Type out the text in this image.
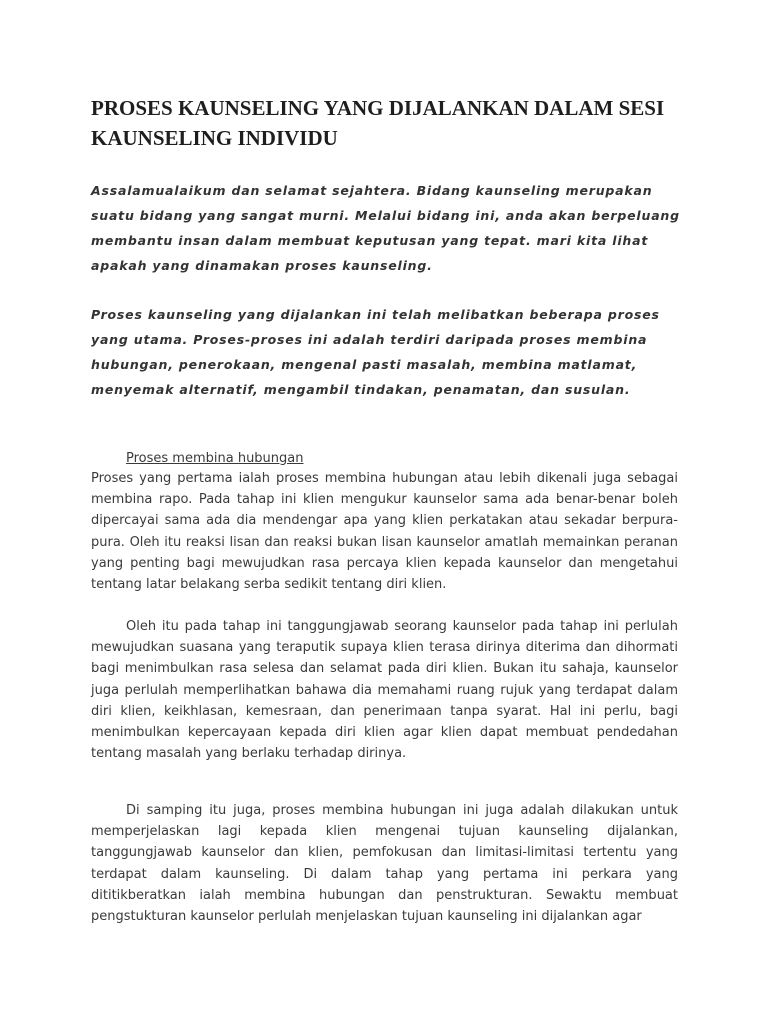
PROSES KAUNSELING YANG DIJALANKAN DALAM SESI KAUNSELING INDIVIDU

Assalamualaikum dan selamat sejahtera. Bidang kaunseling merupakan suatu bidang yang sangat murni. Melalui bidang ini, anda akan berpeluang membantu insan dalam membuat keputusan yang tepat. mari kita lihat apakah yang dinamakan proses kaunseling.

Proses kaunseling yang dijalankan ini telah melibatkan beberapa proses yang utama. Proses-proses ini adalah terdiri daripada proses membina hubungan, penerokaan, mengenal pasti masalah, membina matlamat, menyemak alternatif, mengambil tindakan, penamatan, dan susulan.

Proses membina hubungan

Proses yang pertama ialah proses membina hubungan atau lebih dikenali juga sebagai membina rapo. Pada tahap ini klien mengukur kaunselor sama ada benar-benar boleh dipercayai sama ada dia mendengar apa yang klien perkatakan atau sekadar berpura-pura. Oleh itu reaksi lisan dan reaksi bukan lisan kaunselor amatlah memainkan peranan yang penting bagi mewujudkan rasa percaya klien kepada kaunselor dan mengetahui tentang latar belakang serba sedikit tentang diri klien.

Oleh itu pada tahap ini tanggungjawab seorang kaunselor pada tahap ini perlulah mewujudkan suasana yang teraputik supaya klien terasa dirinya diterima dan dihormati bagi menimbulkan rasa selesa dan selamat pada diri klien. Bukan itu sahaja, kaunselor juga perlulah memperlihatkan bahawa dia memahami ruang rujuk yang terdapat dalam diri klien, keikhlasan, kemesraan, dan penerimaan tanpa syarat. Hal ini perlu, bagi menimbulkan kepercayaan kepada diri klien agar klien dapat membuat pendedahan tentang masalah yang berlaku terhadap dirinya.

Di samping itu juga, proses membina hubungan ini juga adalah dilakukan untuk memperjelaskan lagi kepada klien mengenai tujuan kaunseling dijalankan, tanggungjawab kaunselor dan klien, pemfokusan dan limitasi-limitasi tertentu yang terdapat dalam kaunseling. Di dalam tahap yang pertama ini perkara yang dititikberatkan ialah membina hubungan dan penstrukturan. Sewaktu membuat pengstukturan kaunselor perlulah menjelaskan tujuan kaunseling ini dijalankan agar
